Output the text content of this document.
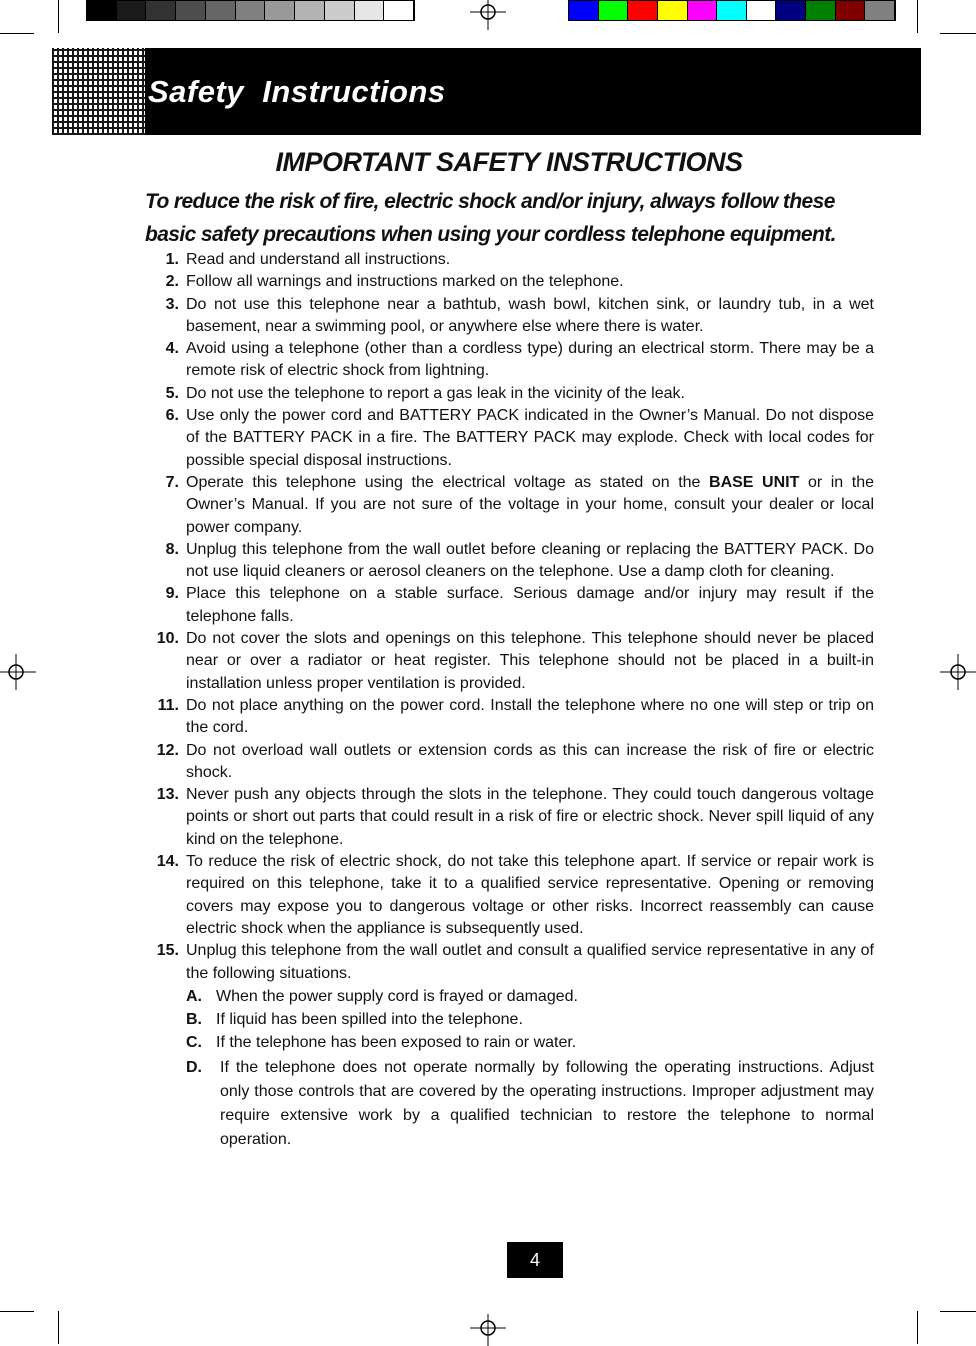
Safety  Instructions
IMPORTANT SAFETY INSTRUCTIONS
To reduce the risk of fire, electric shock and/or injury, always follow these basic safety precautions when using your cordless telephone equipment.
1. Read and understand all instructions.
2. Follow all warnings and instructions marked on the telephone.
3. Do not use this telephone near a bathtub, wash bowl, kitchen sink, or laundry tub, in a wet basement, near a swimming pool, or anywhere else where there is water.
4. Avoid using a telephone (other than a cordless type) during an electrical storm. There may be a remote risk of electric shock from lightning.
5. Do not use the telephone to report a gas leak in the vicinity of the leak.
6. Use only the power cord and BATTERY PACK indicated in the Owner’s Manual. Do not dispose of the BATTERY PACK in a fire. The BATTERY PACK may explode. Check with local codes for possible special disposal instructions.
7. Operate this telephone using the electrical voltage as stated on the BASE UNIT or in the Owner’s Manual. If you are not sure of the voltage in your home, consult your dealer or local power company.
8. Unplug this telephone from the wall outlet before cleaning or replacing the BATTERY PACK. Do not use liquid cleaners or aerosol cleaners on the telephone. Use a damp cloth for cleaning.
9. Place this telephone on a stable surface. Serious damage and/or injury may result if the telephone falls.
10. Do not cover the slots and openings on this telephone. This telephone should never be placed near or over a radiator or heat register. This telephone should not be placed in a built-in installation unless proper ventilation is provided.
11. Do not place anything on the power cord. Install the telephone where no one will step or trip on the cord.
12. Do not overload wall outlets or extension cords as this can increase the risk of fire or electric shock.
13. Never push any objects through the slots in the telephone. They could touch dangerous voltage points or short out parts that could result in a risk of fire or electric shock. Never spill liquid of any kind on the telephone.
14. To reduce the risk of electric shock, do not take this telephone apart. If service or repair work is required on this telephone, take it to a qualified service representative. Opening or removing covers may expose you to dangerous voltage or other risks. Incorrect reassembly can cause electric shock when the appliance is subsequently used.
15. Unplug this telephone from the wall outlet and consult a qualified service representative in any of the following situations.
A. When the power supply cord is frayed or damaged.
B. If liquid has been spilled into the telephone.
C. If the telephone has been exposed to rain or water.
D. If the telephone does not operate normally by following the operating instructions. Adjust only those controls that are covered by the operating instructions. Improper adjustment may require extensive work by a qualified technician to restore the telephone to normal operation.
4
